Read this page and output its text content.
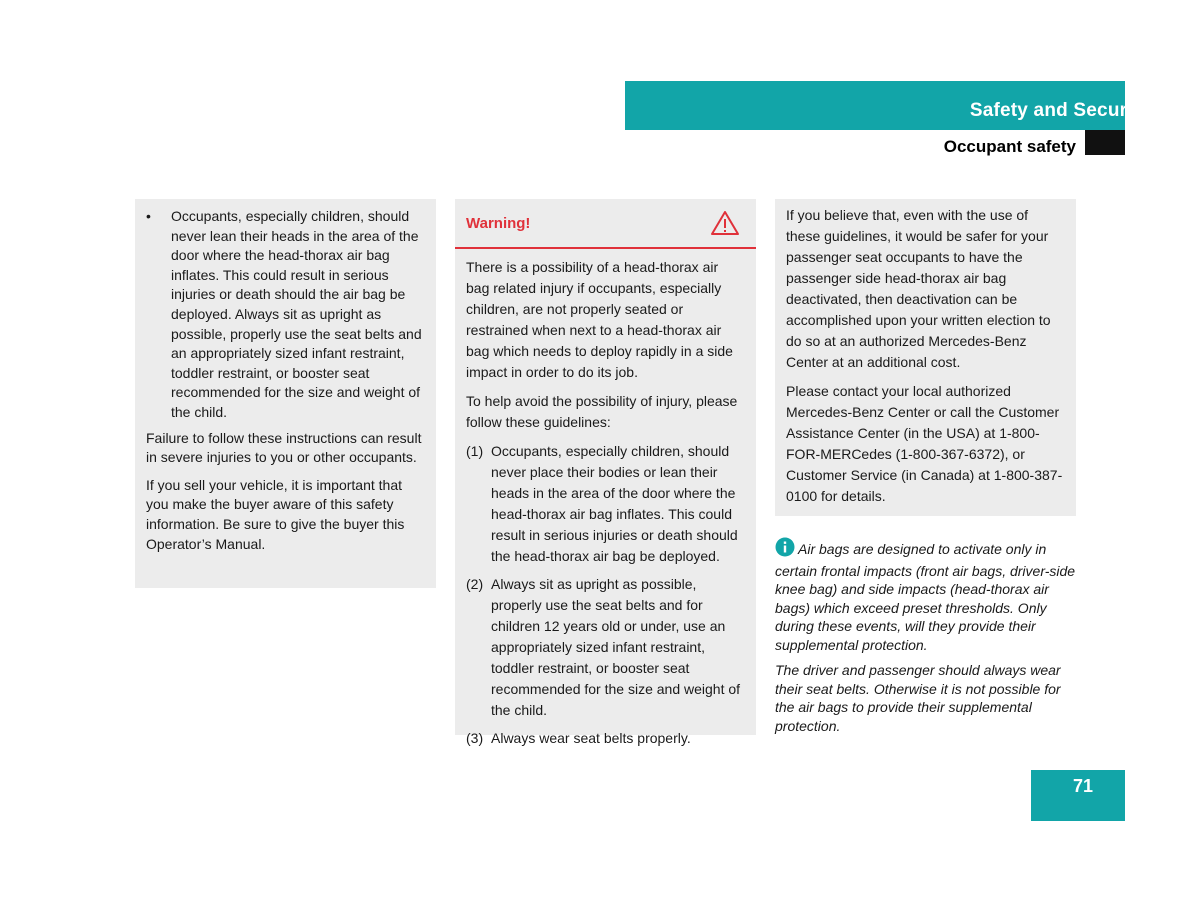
Safety and Security
Occupant safety
• Occupants, especially children, should never lean their heads in the area of the door where the head-thorax air bag inflates. This could result in serious injuries or death should the air bag be deployed. Always sit as upright as possible, properly use the seat belts and an appropriately sized infant restraint, toddler restraint, or booster seat recommended for the size and weight of the child.

Failure to follow these instructions can result in severe injuries to you or other occupants.

If you sell your vehicle, it is important that you make the buyer aware of this safety information. Be sure to give the buyer this Operator’s Manual.

Warning!

There is a possibility of a head-thorax air bag related injury if occupants, especially children, are not properly seated or restrained when next to a head-thorax air bag which needs to deploy rapidly in a side impact in order to do its job.

To help avoid the possibility of injury, please follow these guidelines:

(1) Occupants, especially children, should never place their bodies or lean their heads in the area of the door where the head-thorax air bag inflates. This could result in serious injuries or death should the head-thorax air bag be deployed.
(2) Always sit as upright as possible, properly use the seat belts and for children 12 years old or under, use an appropriately sized infant restraint, toddler restraint, or booster seat recommended for the size and weight of the child.
(3) Always wear seat belts properly.

If you believe that, even with the use of these guidelines, it would be safer for your passenger seat occupants to have the passenger side head-thorax air bag deactivated, then deactivation can be accomplished upon your written election to do so at an authorized Mercedes-Benz Center at an additional cost.

Please contact your local authorized Mercedes-Benz Center or call the Customer Assistance Center (in the USA) at 1-800-FOR-MERCedes (1-800-367-6372), or Customer Service (in Canada) at 1-800-387-0100 for details.

Air bags are designed to activate only in certain frontal impacts (front air bags, driver-side knee bag) and side impacts (head-thorax air bags) which exceed preset thresholds. Only during these events, will they provide their supplemental protection.

The driver and passenger should always wear their seat belts. Otherwise it is not possible for the air bags to provide their supplemental protection.

71
